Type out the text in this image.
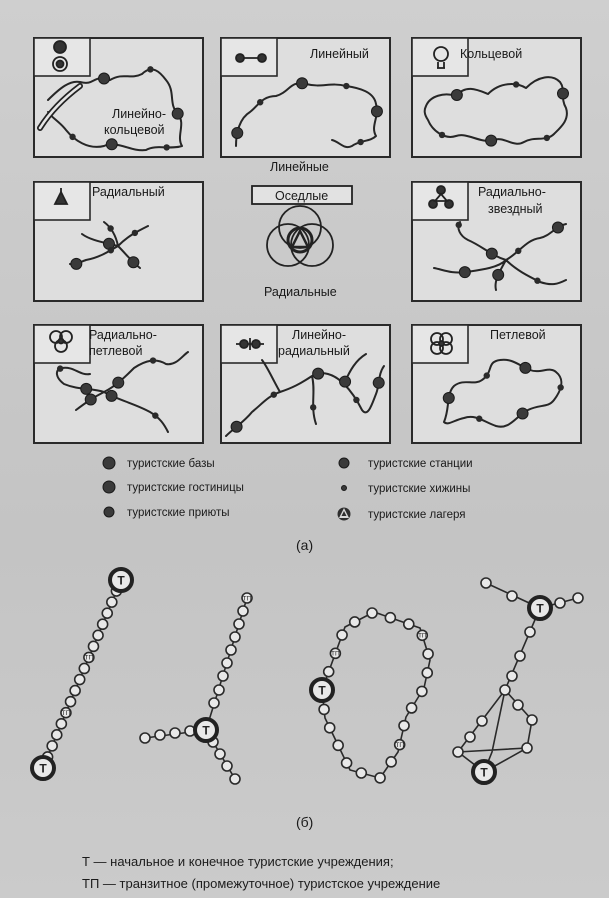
Линейный	Кольцевой
Линейно-
кольцевой
Радиальный	Радиально-
звездный
Радиально-
петлевой
Линейно-
радиальный
Петлевой
Линейные
Оседлые
Радиальные
туристские базы	туристские станции
туристские гостиницы	туристские хижины
туристские приюты	туристские лагеря
(а)
(б)
ТП
ТП
Т
Т
ТП
Т
ТП
ТП
ТП
Т
Т
Т
Т — начальное и конечное туристские учреждения;
ТП — транзитное (промежуточное) туристское учреждение
